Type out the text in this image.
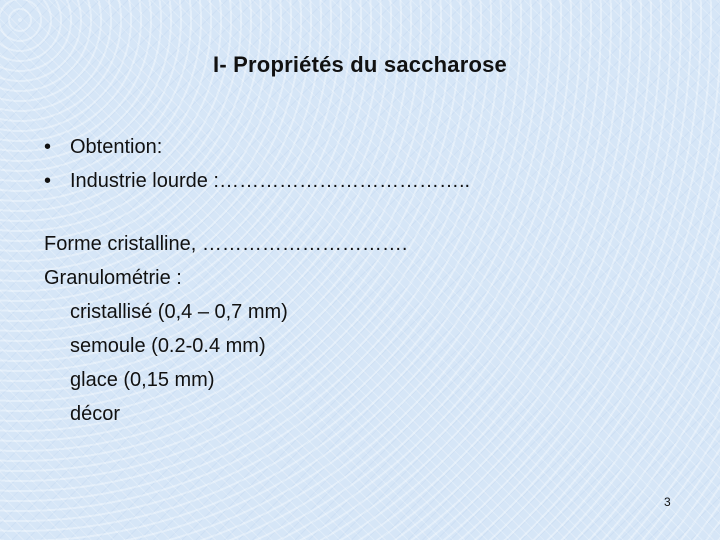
I- Propriétés du saccharose
• Obtention:
• Industrie lourde :………………………………..
Forme cristalline, ………………………….
Granulométrie :
cristallisé (0,4 – 0,7 mm)
semoule (0.2-0.4 mm)
glace (0,15 mm)
décor
3
